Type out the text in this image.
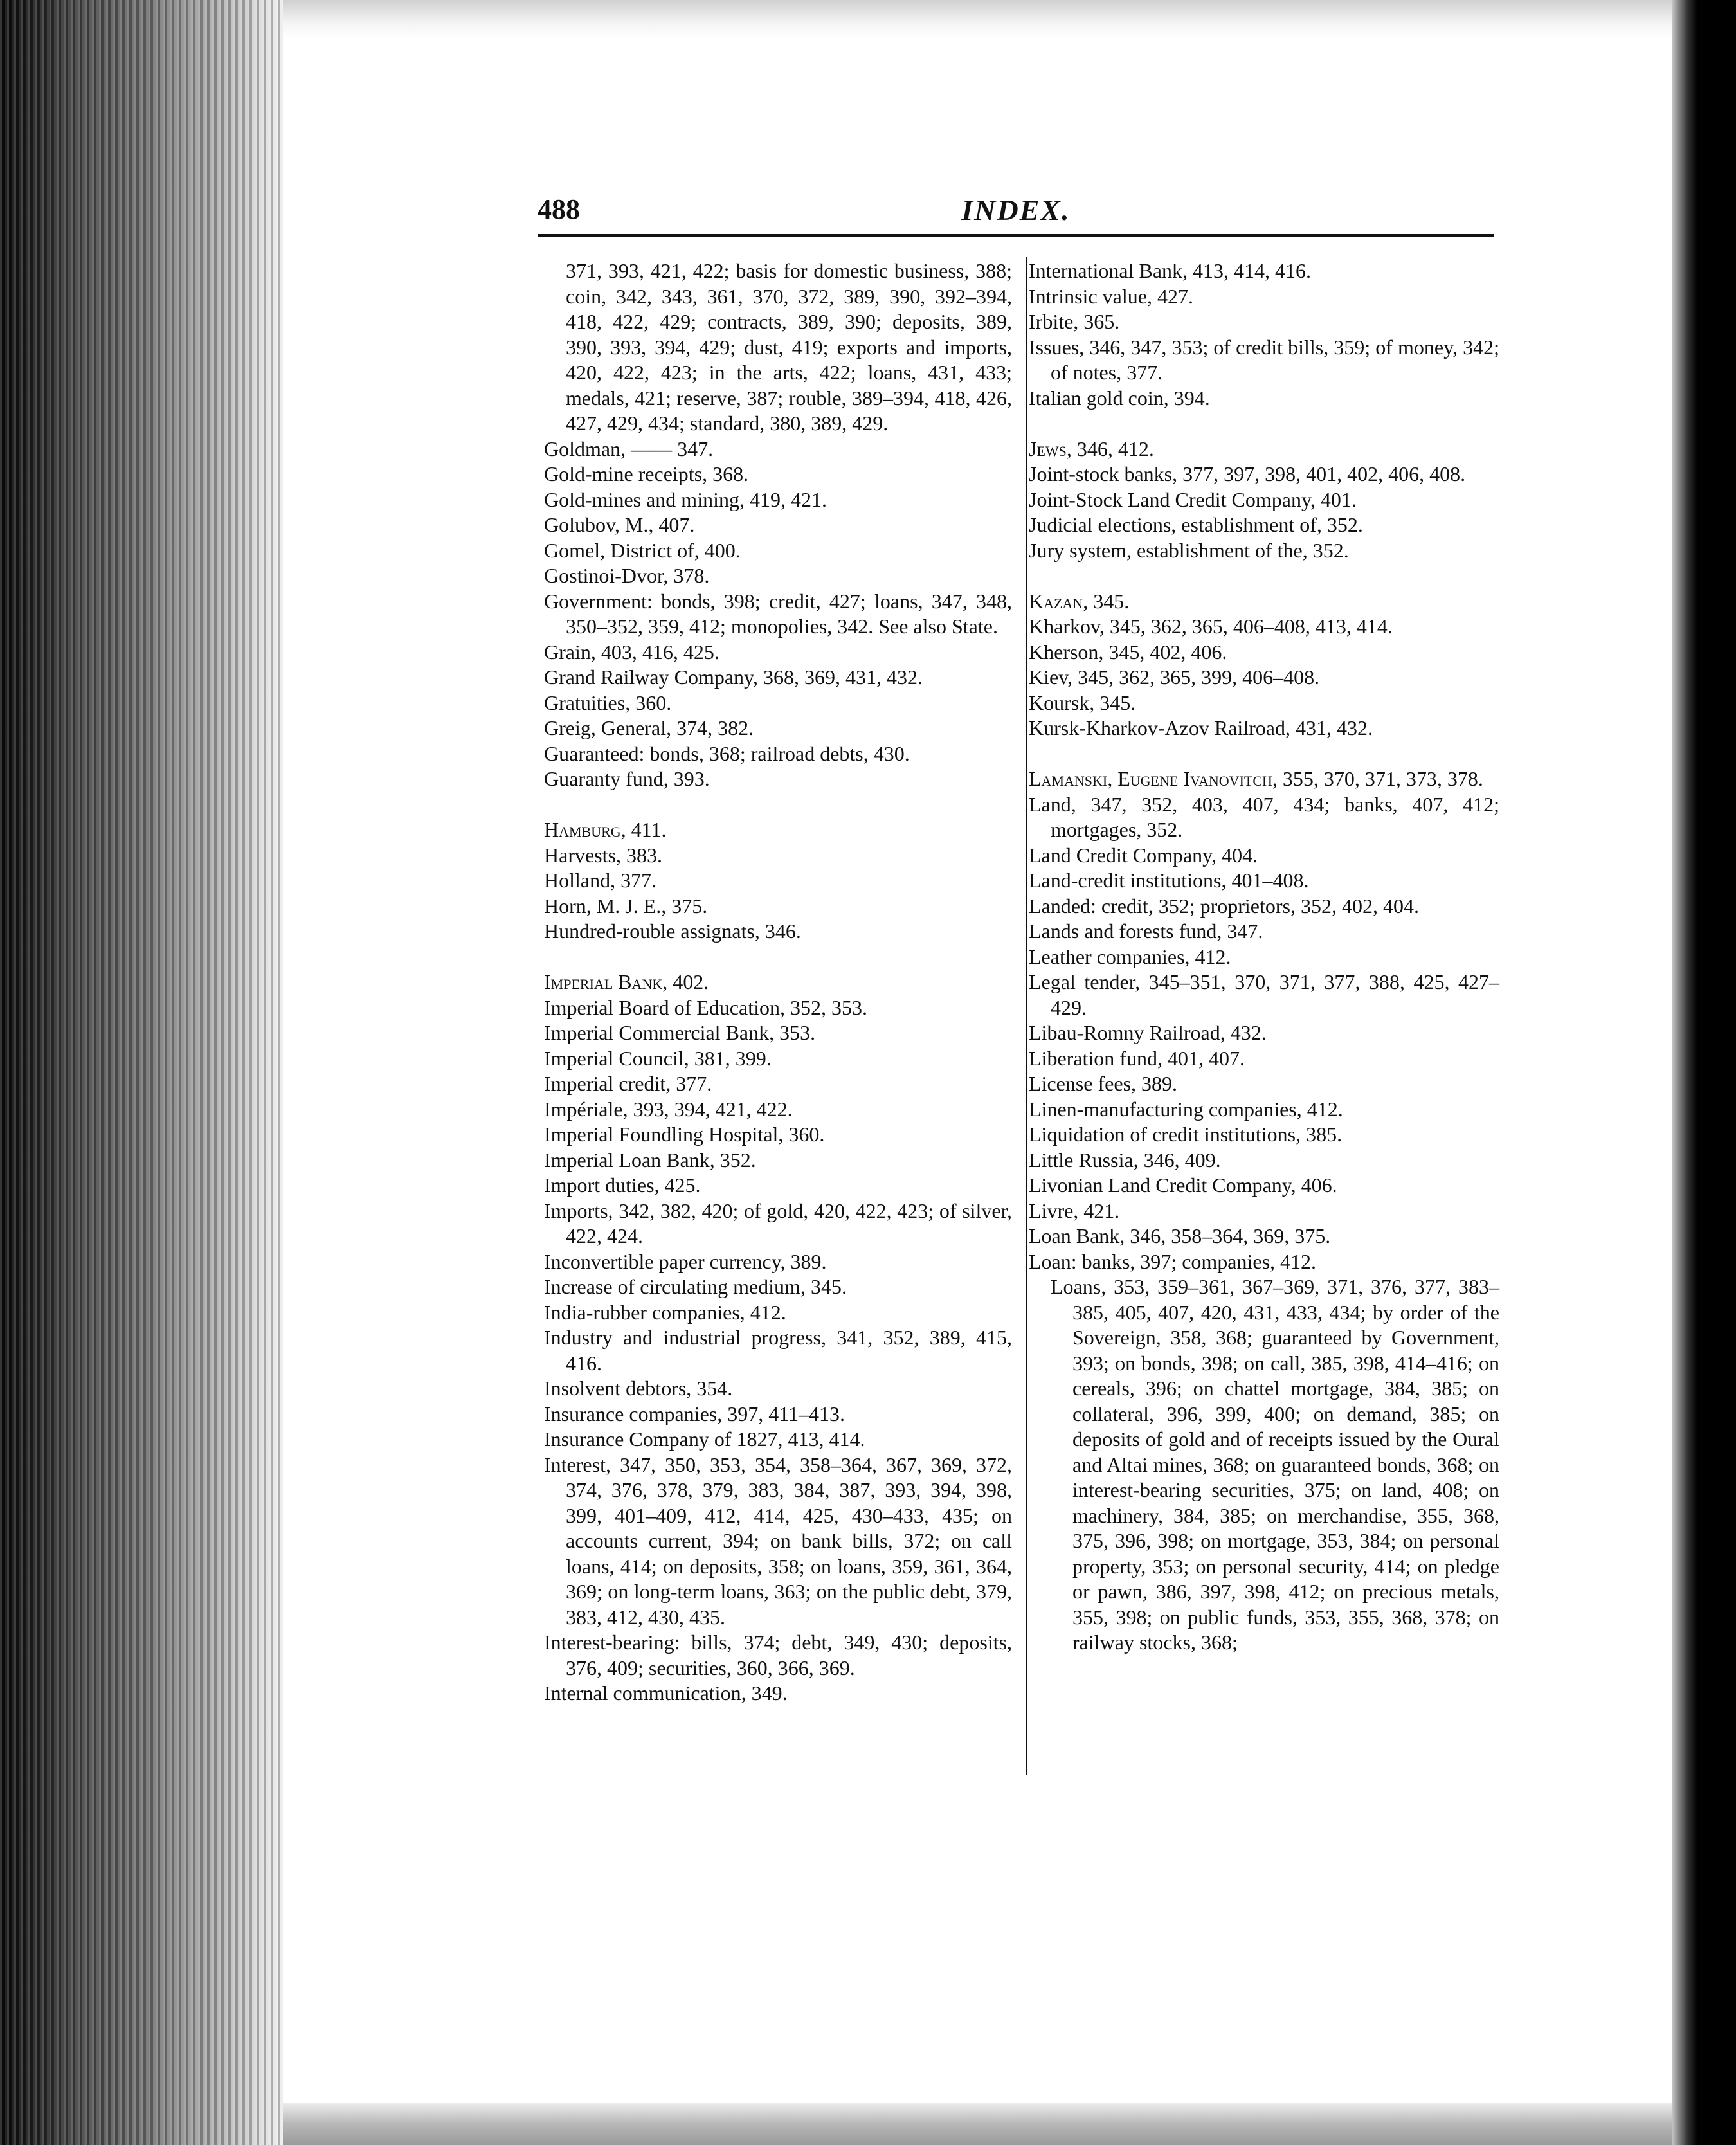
488	INDEX.

371, 393, 421, 422; basis for domestic business, 388; coin, 342, 343, 361, 370, 372, 389, 390, 392–394, 418, 422, 429; contracts, 389, 390; deposits, 389, 390, 393, 394, 429; dust, 419; exports and imports, 420, 422, 423; in the arts, 422; loans, 431, 433; medals, 421; reserve, 387; rouble, 389–394, 418, 426, 427, 429, 434; standard, 380, 389, 429.

Goldman, —— 347.

Gold-mine receipts, 368.

Gold-mines and mining, 419, 421.

Golubov, M., 407.

Gomel, District of, 400.

Gostinoi-Dvor, 378.

Government: bonds, 398; credit, 427; loans, 347, 348, 350–352, 359, 412; monopolies, 342. See also State.

Grain, 403, 416, 425.

Grand Railway Company, 368, 369, 431, 432.

Gratuities, 360.

Greig, General, 374, 382.

Guaranteed: bonds, 368; railroad debts, 430.

Guaranty fund, 393.

Hamburg, 411.

Harvests, 383.

Holland, 377.

Horn, M. J. E., 375.

Hundred-rouble assignats, 346.

Imperial Bank, 402.

Imperial Board of Education, 352, 353.

Imperial Commercial Bank, 353.

Imperial Council, 381, 399.

Imperial credit, 377.

Impériale, 393, 394, 421, 422.

Imperial Foundling Hospital, 360.

Imperial Loan Bank, 352.

Import duties, 425.

Imports, 342, 382, 420; of gold, 420, 422, 423; of silver, 422, 424.

Inconvertible paper currency, 389.

Increase of circulating medium, 345.

India-rubber companies, 412.

Industry and industrial progress, 341, 352, 389, 415, 416.

Insolvent debtors, 354.

Insurance companies, 397, 411–413.

Insurance Company of 1827, 413, 414.

Interest, 347, 350, 353, 354, 358–364, 367, 369, 372, 374, 376, 378, 379, 383, 384, 387, 393, 394, 398, 399, 401–409, 412, 414, 425, 430–433, 435; on accounts current, 394; on bank bills, 372; on call loans, 414; on deposits, 358; on loans, 359, 361, 364, 369; on long-term loans, 363; on the public debt, 379, 383, 412, 430, 435.

Interest-bearing: bills, 374; debt, 349, 430; deposits, 376, 409; securities, 360, 366, 369.

Internal communication, 349.

International Bank, 413, 414, 416.

Intrinsic value, 427.

Irbite, 365.

Issues, 346, 347, 353; of credit bills, 359; of money, 342; of notes, 377.

Italian gold coin, 394.

Jews, 346, 412.

Joint-stock banks, 377, 397, 398, 401, 402, 406, 408.

Joint-Stock Land Credit Company, 401.

Judicial elections, establishment of, 352.

Jury system, establishment of the, 352.

Kazan, 345.

Kharkov, 345, 362, 365, 406–408, 413, 414.

Kherson, 345, 402, 406.

Kiev, 345, 362, 365, 399, 406–408.

Koursk, 345.

Kursk-Kharkov-Azov Railroad, 431, 432.

Lamanski, Eugene Ivanovitch, 355, 370, 371, 373, 378.

Land, 347, 352, 403, 407, 434; banks, 407, 412; mortgages, 352.

Land Credit Company, 404.

Land-credit institutions, 401–408.

Landed: credit, 352; proprietors, 352, 402, 404.

Lands and forests fund, 347.

Leather companies, 412.

Legal tender, 345–351, 370, 371, 377, 388, 425, 427–429.

Libau-Romny Railroad, 432.

Liberation fund, 401, 407.

License fees, 389.

Linen-manufacturing companies, 412.

Liquidation of credit institutions, 385.

Little Russia, 346, 409.

Livonian Land Credit Company, 406.

Livre, 421.

Loan Bank, 346, 358–364, 369, 375.

Loan: banks, 397; companies, 412.

Loans, 353, 359–361, 367–369, 371, 376, 377, 383–385, 405, 407, 420, 431, 433, 434; by order of the Sovereign, 358, 368; guaranteed by Government, 393; on bonds, 398; on call, 385, 398, 414–416; on cereals, 396; on chattel mortgage, 384, 385; on collateral, 396, 399, 400; on demand, 385; on deposits of gold and of receipts issued by the Oural and Altai mines, 368; on guaranteed bonds, 368; on interest-bearing securities, 375; on land, 408; on machinery, 384, 385; on merchandise, 355, 368, 375, 396, 398; on mortgage, 353, 384; on personal property, 353; on personal security, 414; on pledge or pawn, 386, 397, 398, 412; on precious metals, 355, 398; on public funds, 353, 355, 368, 378; on railway stocks, 368;
